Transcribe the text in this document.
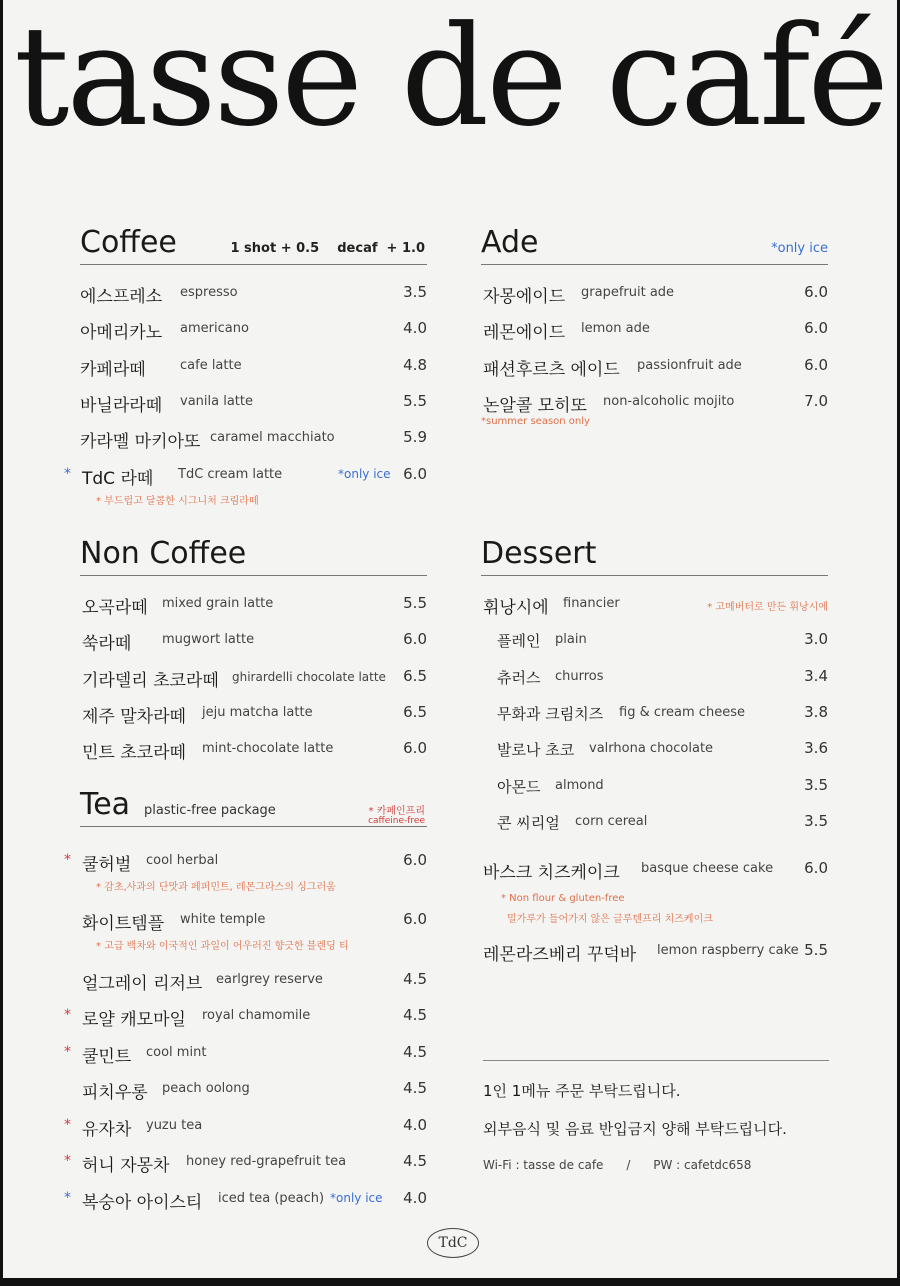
tasse de café
Coffee	1 shot + 0.5    decaf  + 1.0
에스프레소 espresso	3.5
아메리카노 americano	4.0
카페라떼	cafe latte	4.8
바닐라라떼 vanila latte	5.5
카라멜 마키아또 caramel macchiato	5.9
* TdC 라떼 TdC cream latte	*only ice 6.0
* 부드럽고 달콤한 시그니처 크림라떼
Ade	*only ice
자몽에이드 grapefruit ade	6.0
레몬에이드 lemon ade	6.0
패션후르츠 에이드 passionfruit ade	6.0
논알콜 모히또 non-alcoholic mojito	7.0
*summer season only
Non Coffee
오곡라떼 mixed grain latte	5.5
쑥라떼 mugwort latte	6.0
기라델리 초코라떼 ghirardelli chocolate latte 6.5
제주 말차라떼 jeju matcha latte	6.5
민트 초코라떼 mint-chocolate latte	6.0
Dessert
휘낭시에 financier	* 고메버터로 만든 휘낭시에
플레인 plain	3.0
츄러스 churros	3.4
무화과 크림치즈 fig & cream cheese	3.8
발로나 초코 valrhona chocolate	3.6
아몬드 almond	3.5
콘 씨리얼 corn cereal	3.5
바스크 치즈케이크 basque cheese cake 6.0
* Non flour & gluten-free
밀가루가 들어가지 않은 글루텐프리 치즈케이크
레몬라즈베리 꾸덕바 lemon raspberry cake 5.5
Tea plastic-free package	* 카페인프리
caffeine-free
* 쿨허벌 cool herbal	6.0
* 감초,사과의 단맛과 페퍼민트, 레몬그라스의 싱그러움
화이트템플 white temple	6.0
* 고급 백차와 이국적인 과일이 어우러진 향긋한 블렌딩 티
얼그레이 리저브 earlgrey reserve	4.5
* 로얄 캐모마일 royal chamomile	4.5
* 쿨민트 cool mint	4.5
피치우롱 peach oolong	4.5
* 유자차 yuzu tea	4.0
* 허니 자몽차 honey red-grapefruit tea	4.5
* 복숭아 아이스티 iced tea (peach) *only ice 4.0
1인 1메뉴 주문 부탁드립니다.
외부음식 및 음료 반입금지 양해 부탁드립니다.
Wi-Fi : tasse de cafe      /      PW : cafetdc658
TdC
